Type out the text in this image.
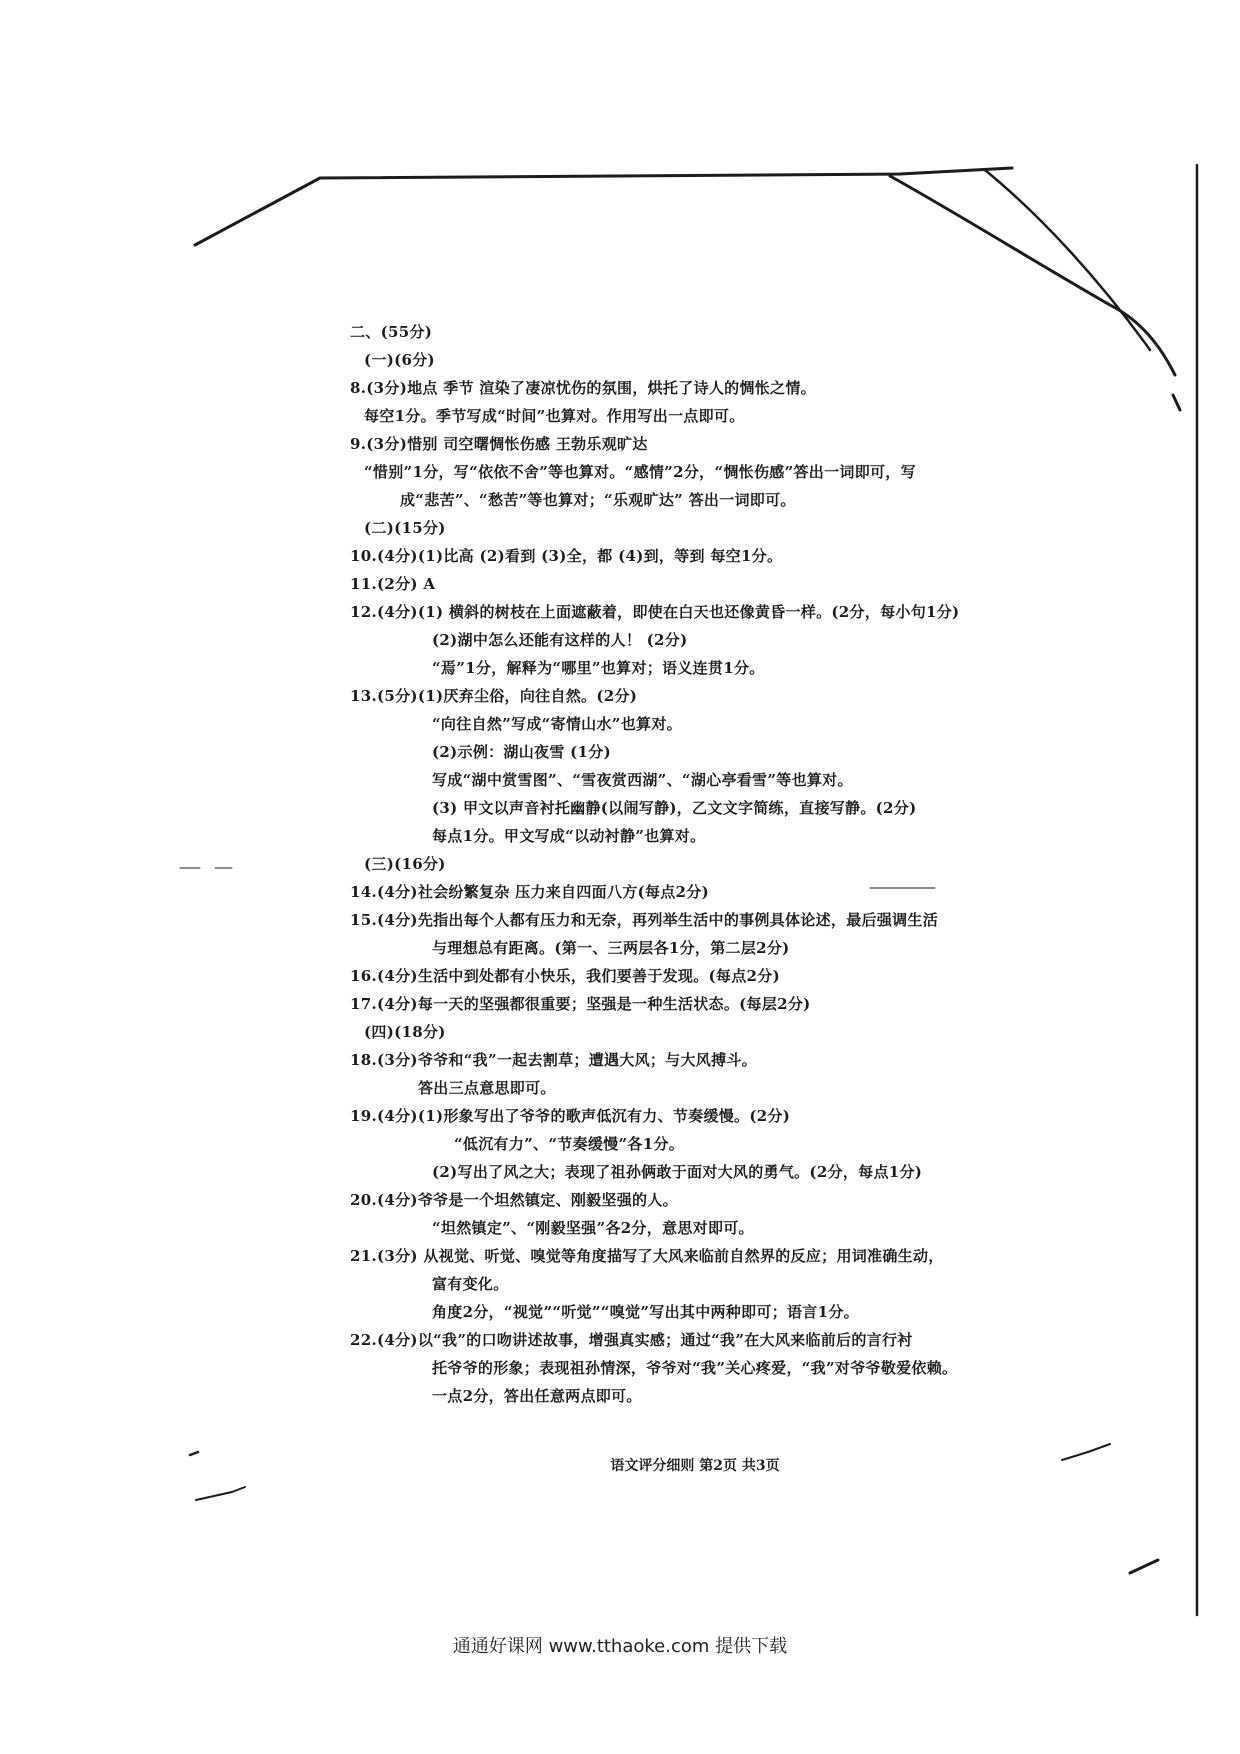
二、(55分)
(一)(6分)
8.(3分)地点 季节 渲染了凄凉忧伤的氛围，烘托了诗人的惆怅之情。
每空1分。季节写成“时间”也算对。作用写出一点即可。
9.(3分)惜别 司空曙惆怅伤感 王勃乐观旷达
“惜别”1分，写“依依不舍”等也算对。“感情”2分，“惆怅伤感”答出一词即可，写
成“悲苦”、“愁苦”等也算对；“乐观旷达” 答出一词即可。
(二)(15分)
10.(4分)(1)比高 (2)看到 (3)全，都 (4)到，等到 每空1分。
11.(2分) A
12.(4分)(1) 横斜的树枝在上面遮蔽着，即使在白天也还像黄昏一样。(2分，每小句1分)
(2)湖中怎么还能有这样的人！ (2分)
“焉”1分，解释为“哪里”也算对；语义连贯1分。
13.(5分)(1)厌弃尘俗，向往自然。(2分)
“向往自然”写成“寄情山水”也算对。
(2)示例：湖山夜雪 (1分)
写成“湖中赏雪图”、“雪夜赏西湖”、“湖心亭看雪”等也算对。
(3) 甲文以声音衬托幽静(以闹写静)，乙文文字简练，直接写静。(2分)
每点1分。甲文写成“以动衬静”也算对。
(三)(16分)
14.(4分)社会纷繁复杂 压力来自四面八方(每点2分)
15.(4分)先指出每个人都有压力和无奈，再列举生活中的事例具体论述，最后强调生活
与理想总有距离。(第一、三两层各1分，第二层2分)
16.(4分)生活中到处都有小快乐，我们要善于发现。(每点2分)
17.(4分)每一天的坚强都很重要；坚强是一种生活状态。(每层2分)
(四)(18分)
18.(3分)爷爷和“我”一起去割草；遭遇大风；与大风搏斗。
答出三点意思即可。
19.(4分)(1)形象写出了爷爷的歌声低沉有力、节奏缓慢。(2分)
“低沉有力”、“节奏缓慢”各1分。
(2)写出了风之大；表现了祖孙俩敢于面对大风的勇气。(2分，每点1分)
20.(4分)爷爷是一个坦然镇定、刚毅坚强的人。
“坦然镇定”、“刚毅坚强”各2分，意思对即可。
21.(3分) 从视觉、听觉、嗅觉等角度描写了大风来临前自然界的反应；用词准确生动，
富有变化。
角度2分，“视觉”“听觉”“嗅觉”写出其中两种即可；语言1分。
22.(4分)以“我”的口吻讲述故事，增强真实感；通过“我”在大风来临前后的言行衬
托爷爷的形象；表现祖孙情深，爷爷对“我”关心疼爱，“我”对爷爷敬爱依赖。
一点2分，答出任意两点即可。
语文评分细则 第2页 共3页
通通好课网 www.tthaoke.com 提供下载
